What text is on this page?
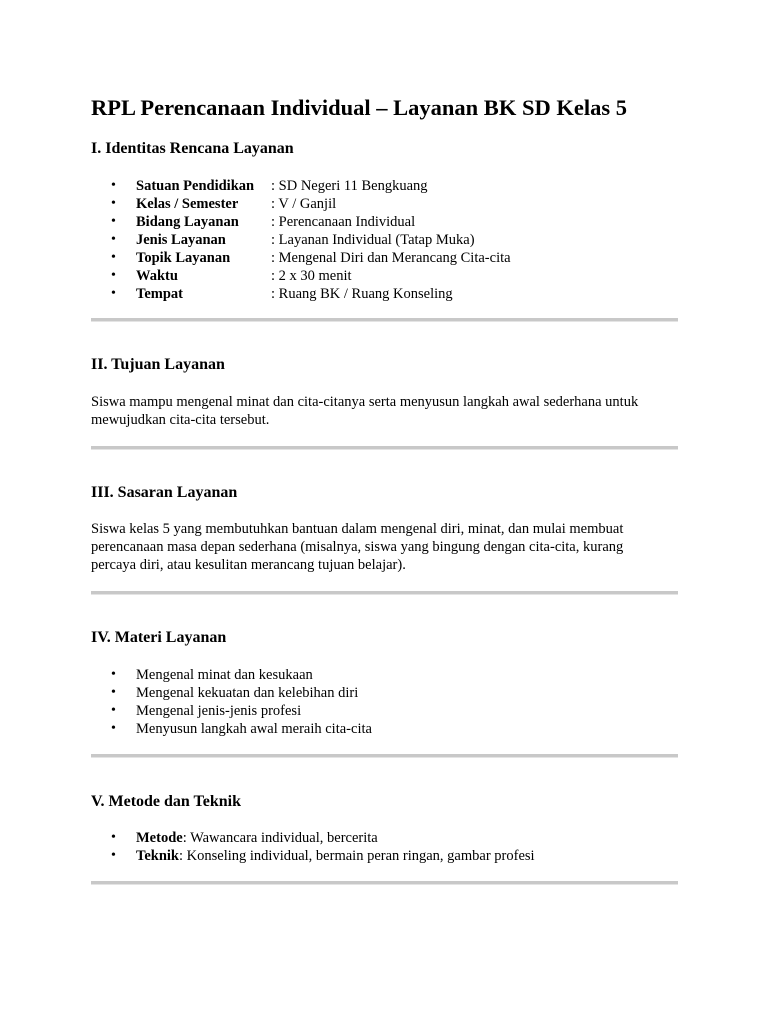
RPL Perencanaan Individual – Layanan BK SD Kelas 5
I. Identitas Rencana Layanan
•	Satuan Pendidikan : SD Negeri 11 Bengkuang
•	Kelas / Semester : V / Ganjil
•	Bidang Layanan : Perencanaan Individual
•	Jenis Layanan	: Layanan Individual (Tatap Muka)
•	Topik Layanan	: Mengenal Diri dan Merancang Cita-cita
•	Waktu	: 2 x 30 menit
•	Tempat	: Ruang BK / Ruang Konseling
II. Tujuan Layanan

Siswa mampu mengenal minat dan cita-citanya serta menyusun langkah awal sederhana untuk

mewujudkan cita-cita tersebut.

III. Sasaran Layanan

Siswa kelas 5 yang membutuhkan bantuan dalam mengenal diri, minat, dan mulai membuat

perencanaan masa depan sederhana (misalnya, siswa yang bingung dengan cita-cita, kurang

percaya diri, atau kesulitan merancang tujuan belajar).

IV. Materi Layanan
•	Mengenal minat dan kesukaan
•	Mengenal kekuatan dan kelebihan diri
•	Mengenal jenis-jenis profesi
•	Menyusun langkah awal meraih cita-cita
V. Metode dan Teknik
•	Metode: Wawancara individual, bercerita
•	Teknik: Konseling individual, bermain peran ringan, gambar profesi
